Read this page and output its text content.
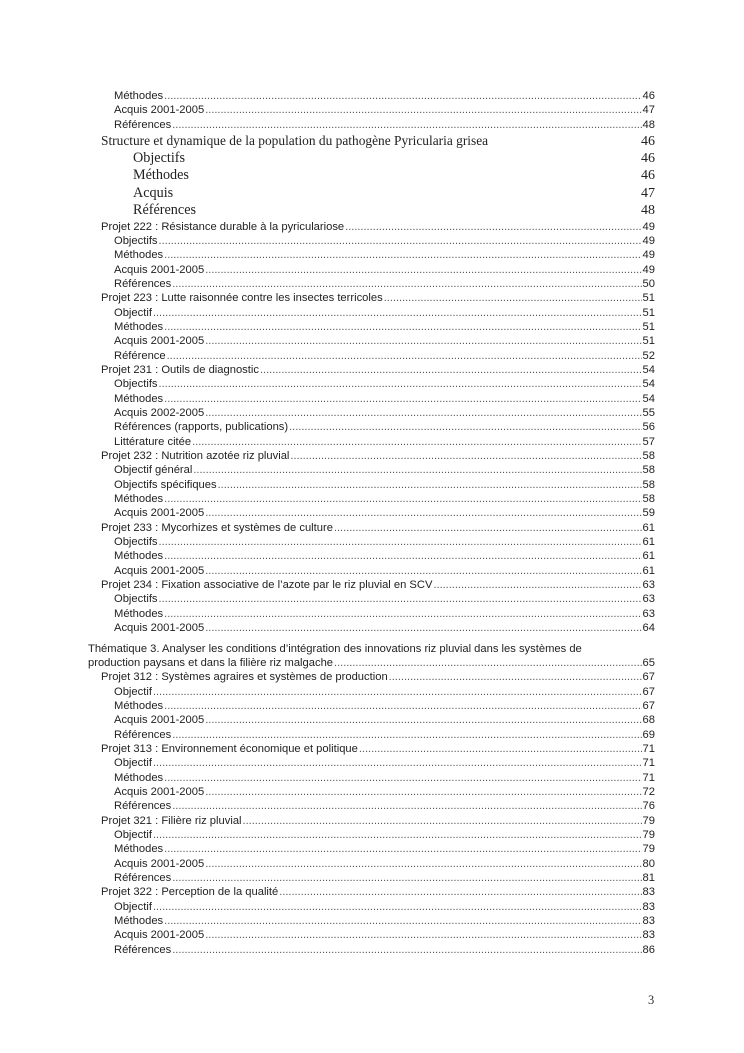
Méthodes .....	46
Acquis 2001-2005 .....	47
Références .....	48
Structure et dynamique de la population du pathogène Pyricularia grisea	46
Objectifs	46
Méthodes	46
Acquis	47
Références	48
Projet 222 : Résistance durable à la pyriculariose .....	49
Objectifs .....	49
Méthodes .....	49
Acquis 2001-2005 .....	49
Références .....	50
Projet 223 : Lutte raisonnée contre les insectes terricoles .....	51
Objectif .....	51
Méthodes .....	51
Acquis 2001-2005 .....	51
Référence .....	52
Projet 231 : Outils de diagnostic .....	54
Objectifs .....	54
Méthodes .....	54
Acquis 2002-2005 .....	55
Références (rapports, publications) .....	56
Littérature citée .....	57
Projet 232 : Nutrition azotée riz pluvial .....	58
Objectif général .....	58
Objectifs spécifiques .....	58
Méthodes .....	58
Acquis 2001-2005 .....	59
Projet 233 : Mycorhizes et systèmes de culture .....	61
Objectifs .....	61
Méthodes .....	61
Acquis 2001-2005 .....	61
Projet 234 : Fixation associative de l’azote par le riz pluvial en SCV .....	63
Objectifs .....	63
Méthodes .....	63
Acquis 2001-2005 .....	64
Thématique 3. Analyser les conditions d’intégration des innovations riz pluvial dans les systèmes de
production paysans et dans la filière riz malgache .....	65
Projet 312 : Systèmes agraires et systèmes de production .....	67
Objectif .....	67
Méthodes .....	67
Acquis 2001-2005 .....	68
Références .....	69
Projet 313 : Environnement économique et politique .....	71
Objectif .....	71
Méthodes .....	71
Acquis 2001-2005 .....	72
Références .....	76
Projet 321 : Filière riz pluvial .....	79
Objectif .....	79
Méthodes .....	79
Acquis 2001-2005 .....	80
Références .....	81
Projet 322 : Perception de la qualité .....	83
Objectif .....	83
Méthodes .....	83
Acquis 2001-2005 .....	83
Références .....	86
3
